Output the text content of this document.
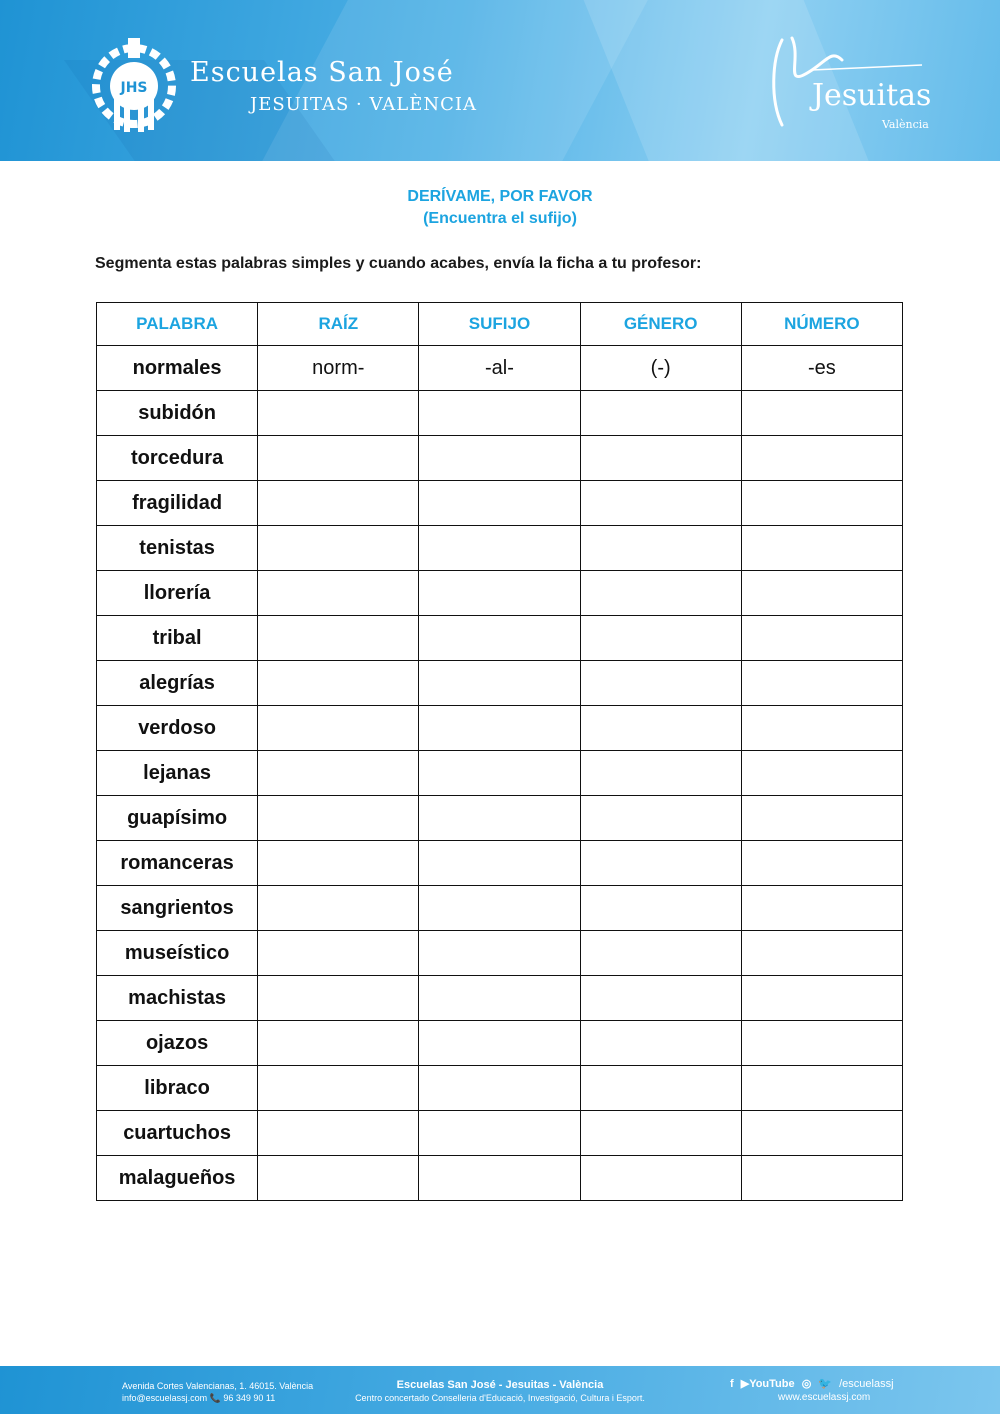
JHS Escuelas San José
JESUITAS · VALÈNCIA	Jesuitas
València
DERÍVAME, POR FAVOR
(Encuentra el sufijo)
Segmenta estas palabras simples y cuando acabes, envía la ficha a tu profesor:
PALABRA	RAÍZ	SUFIJO	GÉNERO	NÚMERO
normales	norm-	-al-	(-)	-es
subidón				
torcedura				
fragilidad				
tenistas				
llorería				
tribal				
alegrías				
verdoso				
lejanas				
guapísimo				
romanceras				
sangrientos				
museístico				
machistas				
ojazos				
libraco				
cuartuchos				
malagueños				
Avenida Cortes Valencianas, 1. 46015. València
info@escuelassj.com 📞 96 349 90 11
Escuelas San José - Jesuitas - València
Centro concertado Conselleria d'Educació, Investigació, Cultura i Esport.
f ▶YouTube ◎ 🐦 /escuelassj
www.escuelassj.com
